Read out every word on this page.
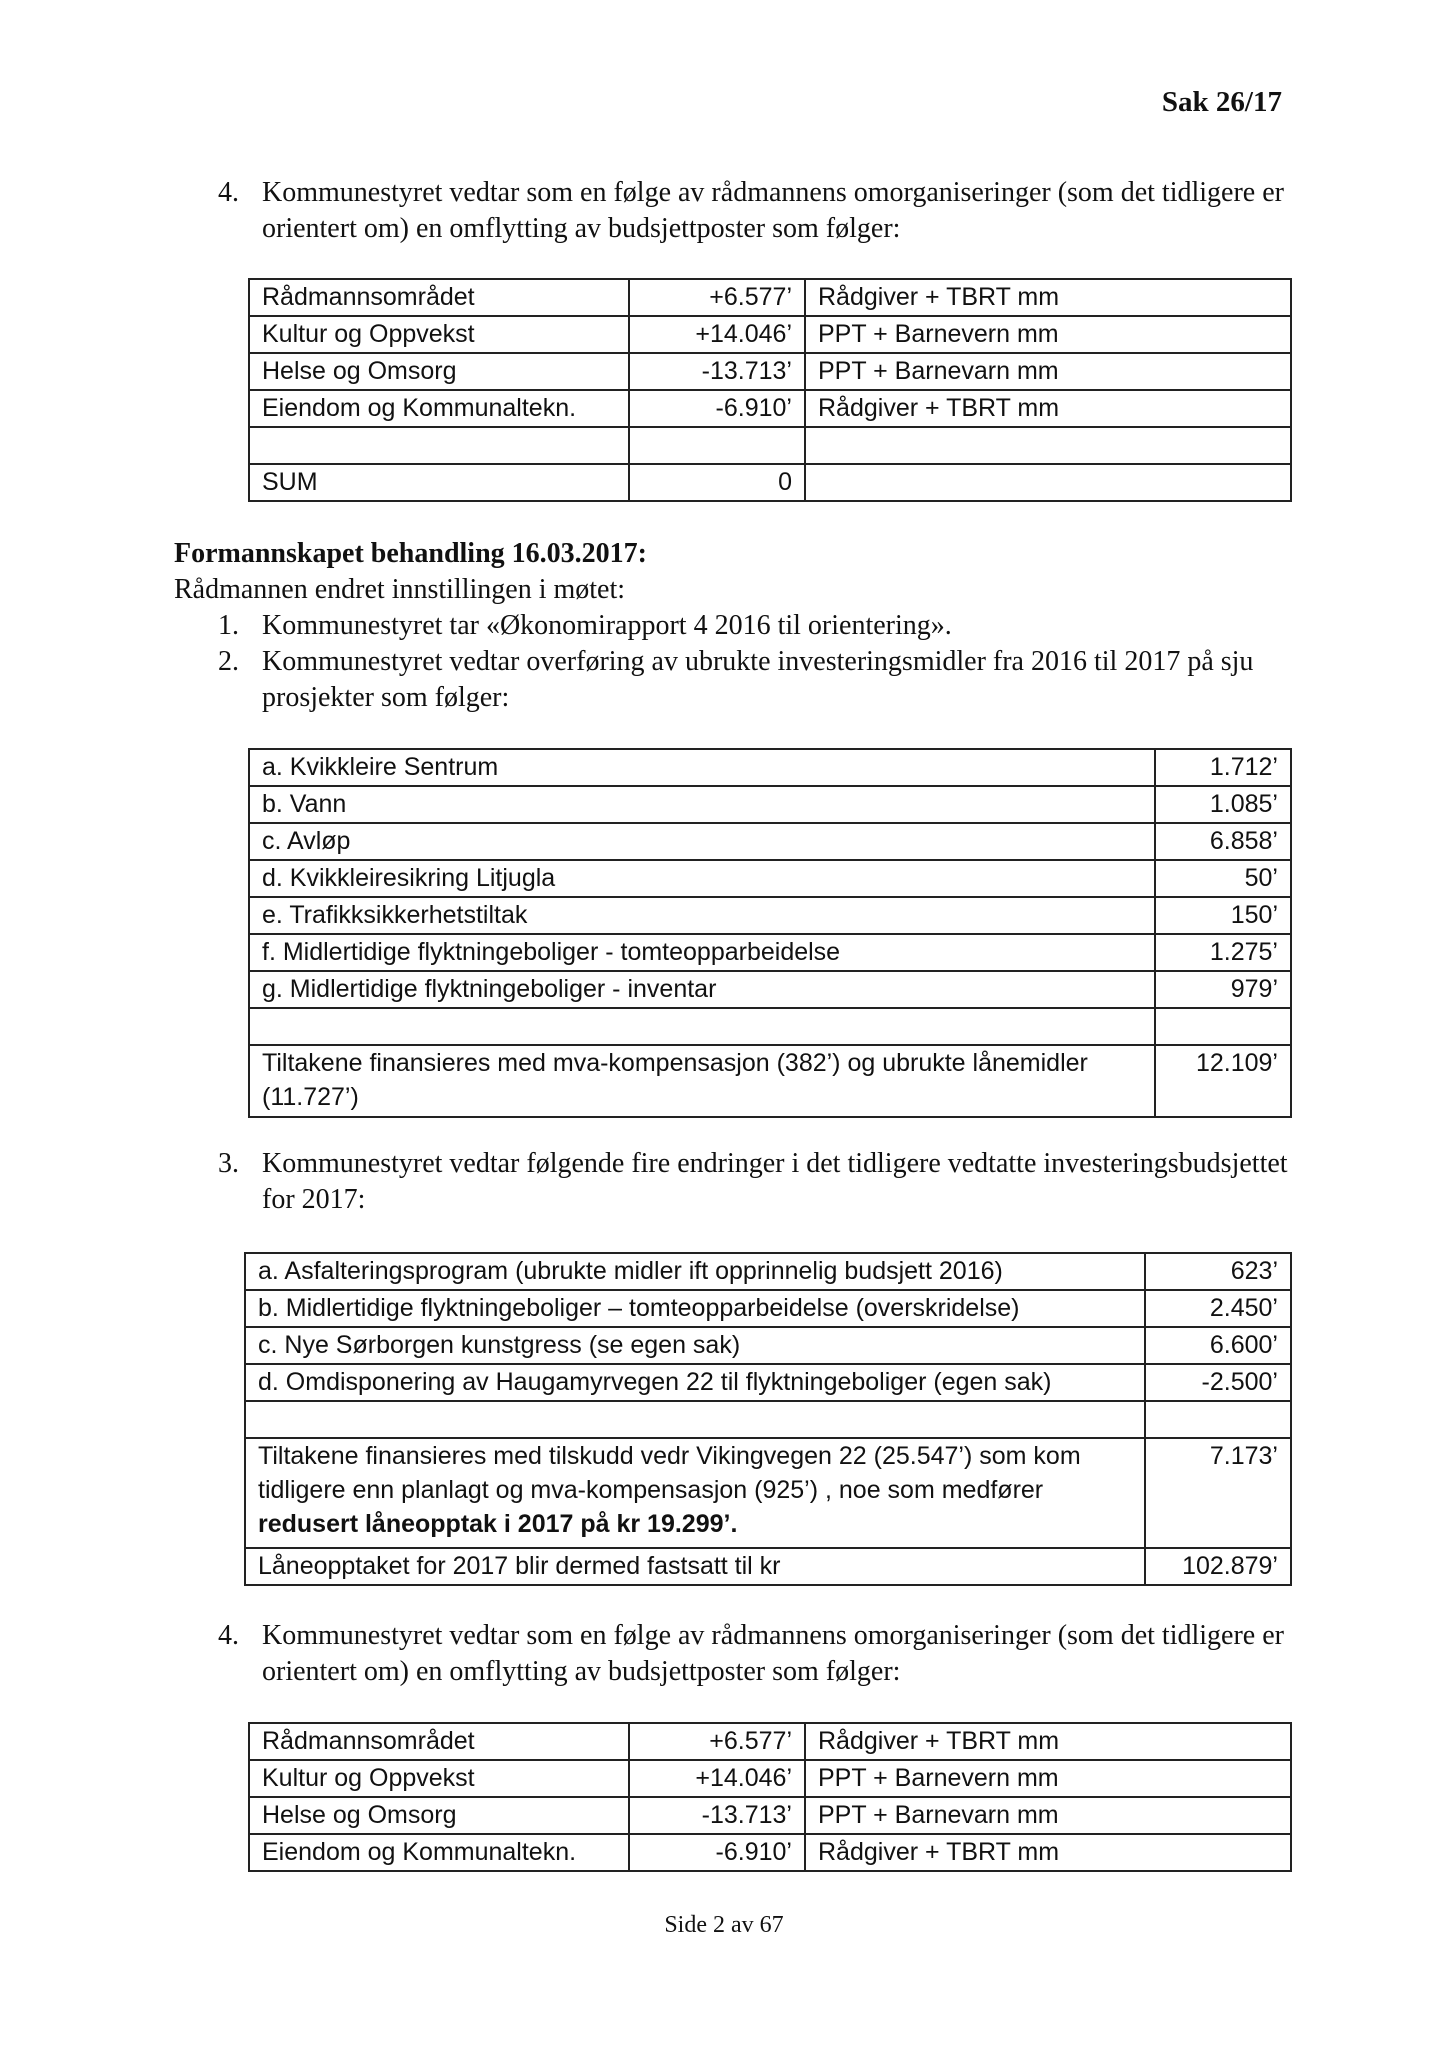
Sak 26/17
4. Kommunestyret vedtar som en følge av rådmannens omorganiseringer (som det tidligere er orientert om) en omflytting av budsjettposter som følger:
Rådmannsområdet	+6.577’	Rådgiver + TBRT mm
Kultur og Oppvekst	+14.046’	PPT + Barnevern mm
Helse og Omsorg	-13.713’	PPT + Barnevarn mm
Eiendom og Kommunaltekn.	-6.910’	Rådgiver + TBRT mm

SUM	0	
Formannskapet behandling 16.03.2017:
Rådmannen endret innstillingen i møtet:
1. Kommunestyret tar «Økonomirapport 4 2016 til orientering».
2. Kommunestyret vedtar overføring av ubrukte investeringsmidler fra 2016 til 2017 på sju prosjekter som følger:
a. Kvikkleire Sentrum	1.712’
b. Vann	1.085’
c. Avløp	6.858’
d. Kvikkleiresikring Litjugla	50’
e. Trafikksikkerhetstiltak	150’
f. Midlertidige flyktningeboliger - tomteopparbeidelse	1.275’
g. Midlertidige flyktningeboliger - inventar	979’

Tiltakene finansieres med mva-kompensasjon (382’) og ubrukte lånemidler (11.727’)	12.109’
3. Kommunestyret vedtar følgende fire endringer i det tidligere vedtatte investeringsbudsjettet for 2017:
a. Asfalteringsprogram (ubrukte midler ift opprinnelig budsjett 2016)	623’
b. Midlertidige flyktningeboliger – tomteopparbeidelse (overskridelse)	2.450’
c. Nye Sørborgen kunstgress (se egen sak)	6.600’
d. Omdisponering av Haugamyrvegen 22 til flyktningeboliger (egen sak)	-2.500’

Tiltakene finansieres med tilskudd vedr Vikingvegen 22 (25.547’) som kom tidligere enn planlagt og mva-kompensasjon (925’) , noe som medfører redusert låneopptak i 2017 på kr 19.299’.	7.173’
Låneopptaket for 2017 blir dermed fastsatt til kr	102.879’
4. Kommunestyret vedtar som en følge av rådmannens omorganiseringer (som det tidligere er orientert om) en omflytting av budsjettposter som følger:
Rådmannsområdet	+6.577’	Rådgiver + TBRT mm
Kultur og Oppvekst	+14.046’	PPT + Barnevern mm
Helse og Omsorg	-13.713’	PPT + Barnevarn mm
Eiendom og Kommunaltekn.	-6.910’	Rådgiver + TBRT mm
Side 2 av 67
